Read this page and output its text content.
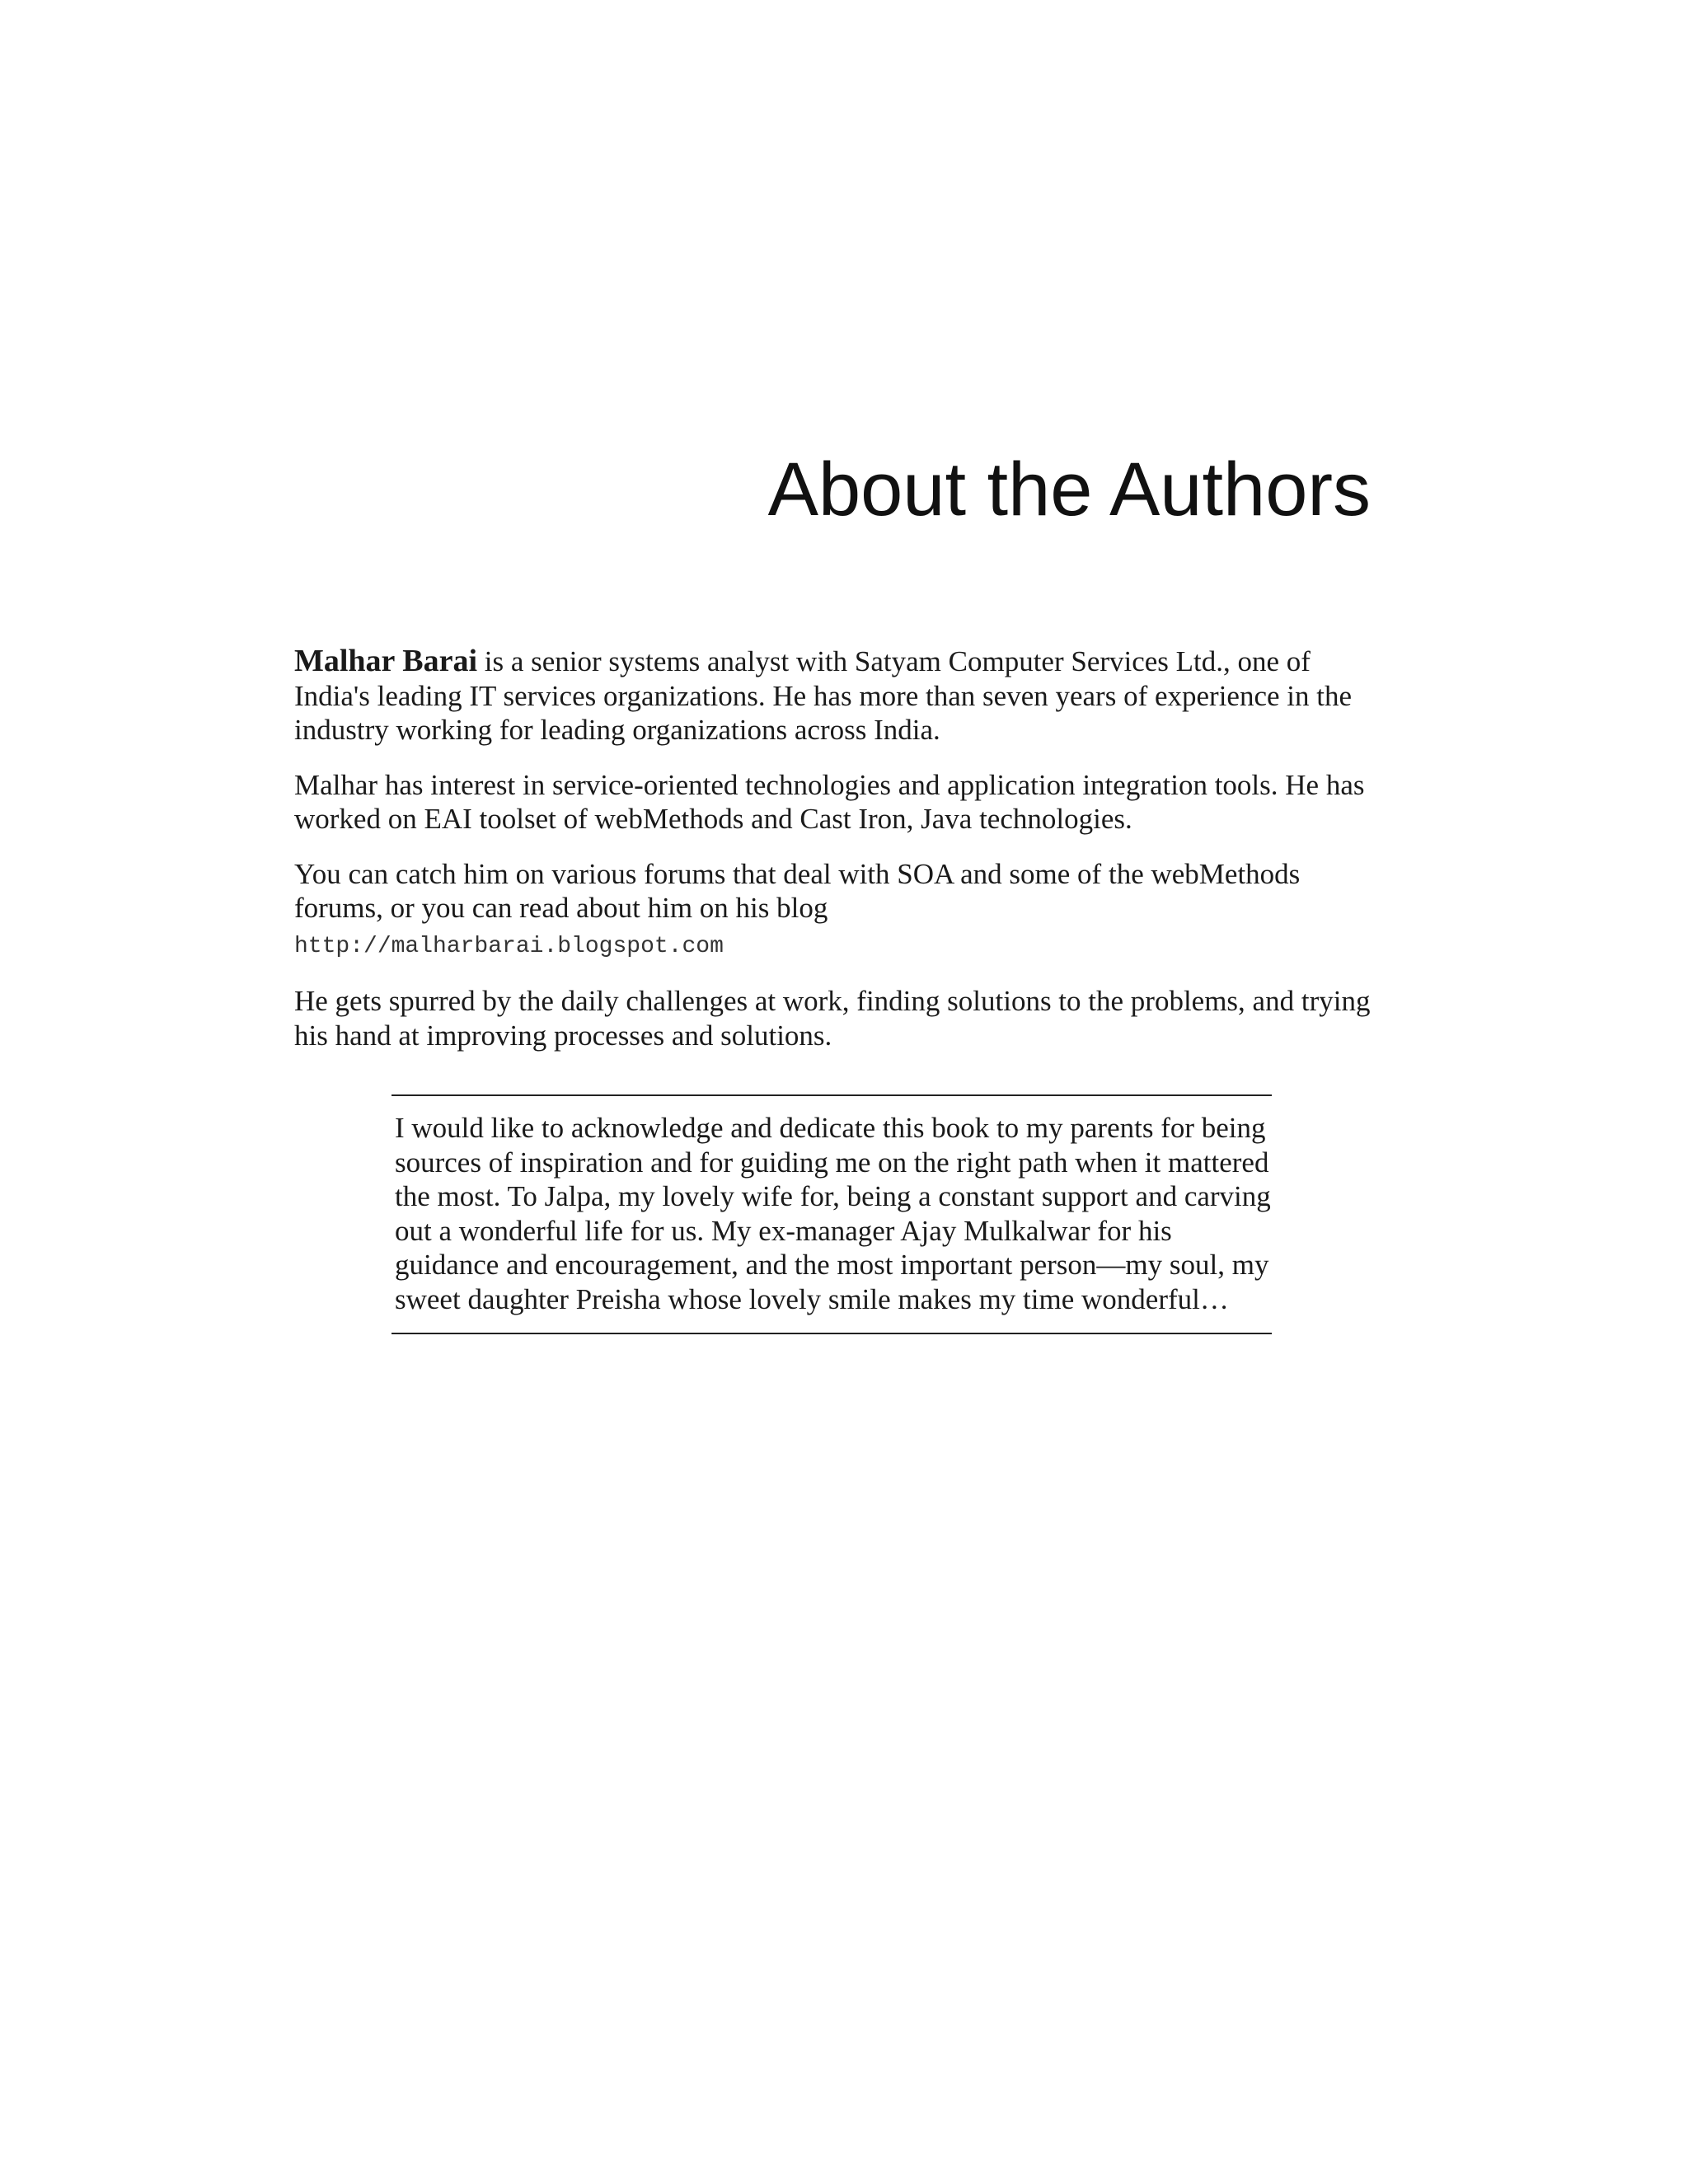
About the Authors

Malhar Barai is a senior systems analyst with Satyam Computer Services Ltd., one of India's leading IT services organizations. He has more than seven years of experience in the industry working for leading organizations across India.

Malhar has interest in service-oriented technologies and application integration tools. He has worked on EAI toolset of webMethods and Cast Iron, Java technologies.

You can catch him on various forums that deal with SOA and some of the webMethods forums, or you can read about him on his blog
http://malharbarai.blogspot.com

He gets spurred by the daily challenges at work, finding solutions to the problems, and trying his hand at improving processes and solutions.

I would like to acknowledge and dedicate this book to my parents for being sources of inspiration and for guiding me on the right path when it mattered the most. To Jalpa, my lovely wife for, being a constant support and carving out a wonderful life for us. My ex-manager Ajay Mulkalwar for his guidance and encouragement, and the most important person—my soul, my sweet daughter Preisha whose lovely smile makes my time wonderful…
